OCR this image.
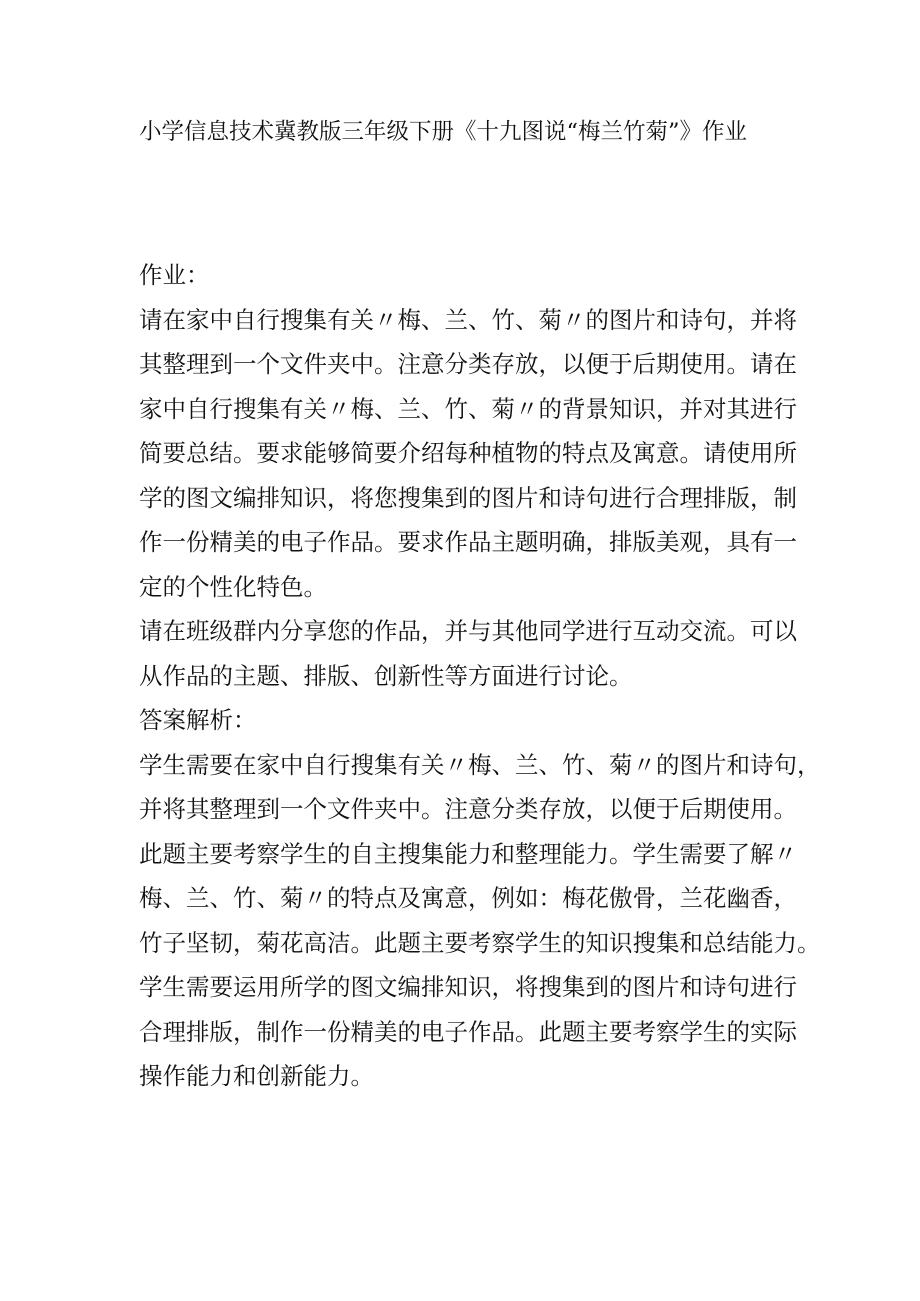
小学信息技术冀教版三年级下册《十九图说“梅兰竹菊”》作业
作业：
请在家中自行搜集有关〃梅、兰、竹、菊〃的图片和诗句，并将
其整理到一个文件夹中。注意分类存放，以便于后期使用。请在
家中自行搜集有关〃梅、兰、竹、菊〃的背景知识，并对其进行
简要总结。要求能够简要介绍每种植物的特点及寓意。请使用所
学的图文编排知识，将您搜集到的图片和诗句进行合理排版，制
作一份精美的电子作品。要求作品主题明确，排版美观，具有一
定的个性化特色。
请在班级群内分享您的作品，并与其他同学进行互动交流。可以
从作品的主题、排版、创新性等方面进行讨论。
答案解析：
学生需要在家中自行搜集有关〃梅、兰、竹、菊〃的图片和诗句，
并将其整理到一个文件夹中。注意分类存放，以便于后期使用。
此题主要考察学生的自主搜集能力和整理能力。学生需要了解〃
梅、兰、竹、菊〃的特点及寓意，例如：梅花傲骨，兰花幽香，
竹子坚韧，菊花高洁。此题主要考察学生的知识搜集和总结能力。
学生需要运用所学的图文编排知识，将搜集到的图片和诗句进行
合理排版，制作一份精美的电子作品。此题主要考察学生的实际
操作能力和创新能力。
